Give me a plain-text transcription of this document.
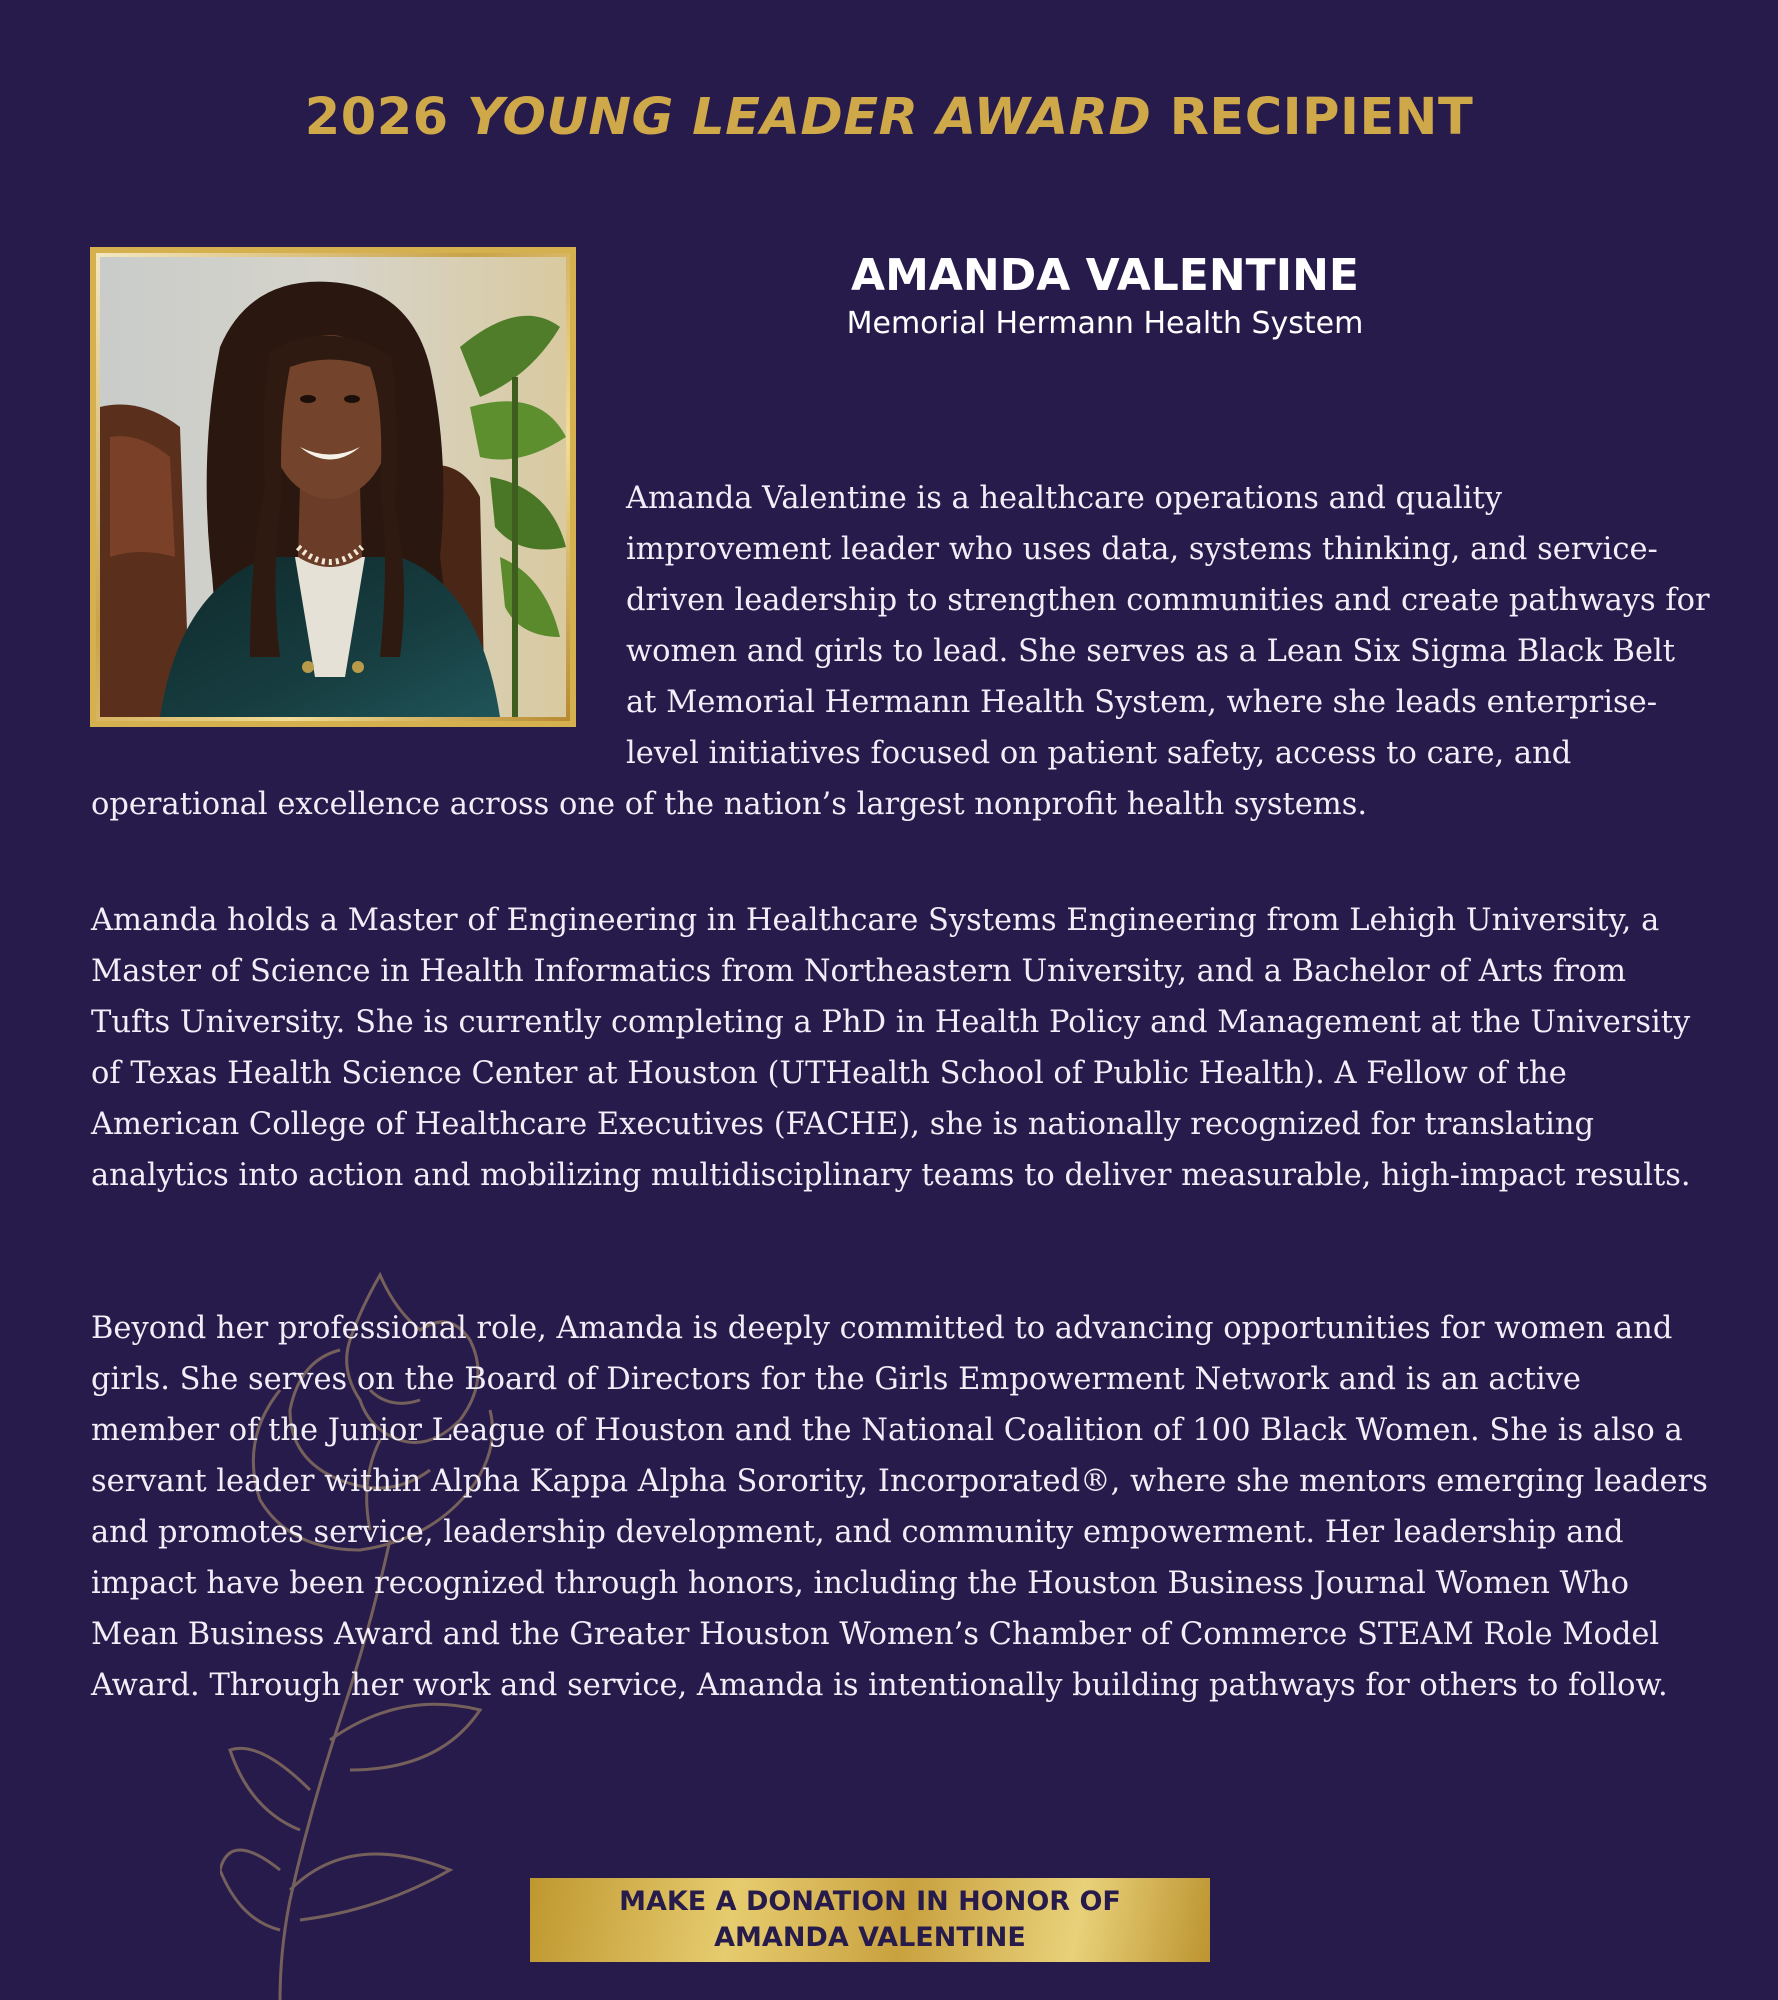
2026 YOUNG LEADER AWARD RECIPIENT
AMANDA VALENTINE
Memorial Hermann Health System

Amanda Valentine is a healthcare operations and quality improvement leader who uses data, systems thinking, and service-driven leadership to strengthen communities and create pathways for women and girls to lead. She serves as a Lean Six Sigma Black Belt at Memorial Hermann Health System, where she leads enterprise-level initiatives focused on patient safety, access to care, and operational excellence across one of the nation’s largest nonprofit health systems.

Amanda holds a Master of Engineering in Healthcare Systems Engineering from Lehigh University, a Master of Science in Health Informatics from Northeastern University, and a Bachelor of Arts from Tufts University. She is currently completing a PhD in Health Policy and Management at the University of Texas Health Science Center at Houston (UTHealth School of Public Health). A Fellow of the American College of Healthcare Executives (FACHE), she is nationally recognized for translating analytics into action and mobilizing multidisciplinary teams to deliver measurable, high-impact results.

Beyond her professional role, Amanda is deeply committed to advancing opportunities for women and girls. She serves on the Board of Directors for the Girls Empowerment Network and is an active member of the Junior League of Houston and the National Coalition of 100 Black Women. She is also a servant leader within Alpha Kappa Alpha Sorority, Incorporated®, where she mentors emerging leaders and promotes service, leadership development, and community empowerment. Her leadership and impact have been recognized through honors, including the Houston Business Journal Women Who Mean Business Award and the Greater Houston Women’s Chamber of Commerce STEAM Role Model Award. Through her work and service, Amanda is intentionally building pathways for others to follow.

MAKE A DONATION IN HONOR OF
AMANDA VALENTINE
